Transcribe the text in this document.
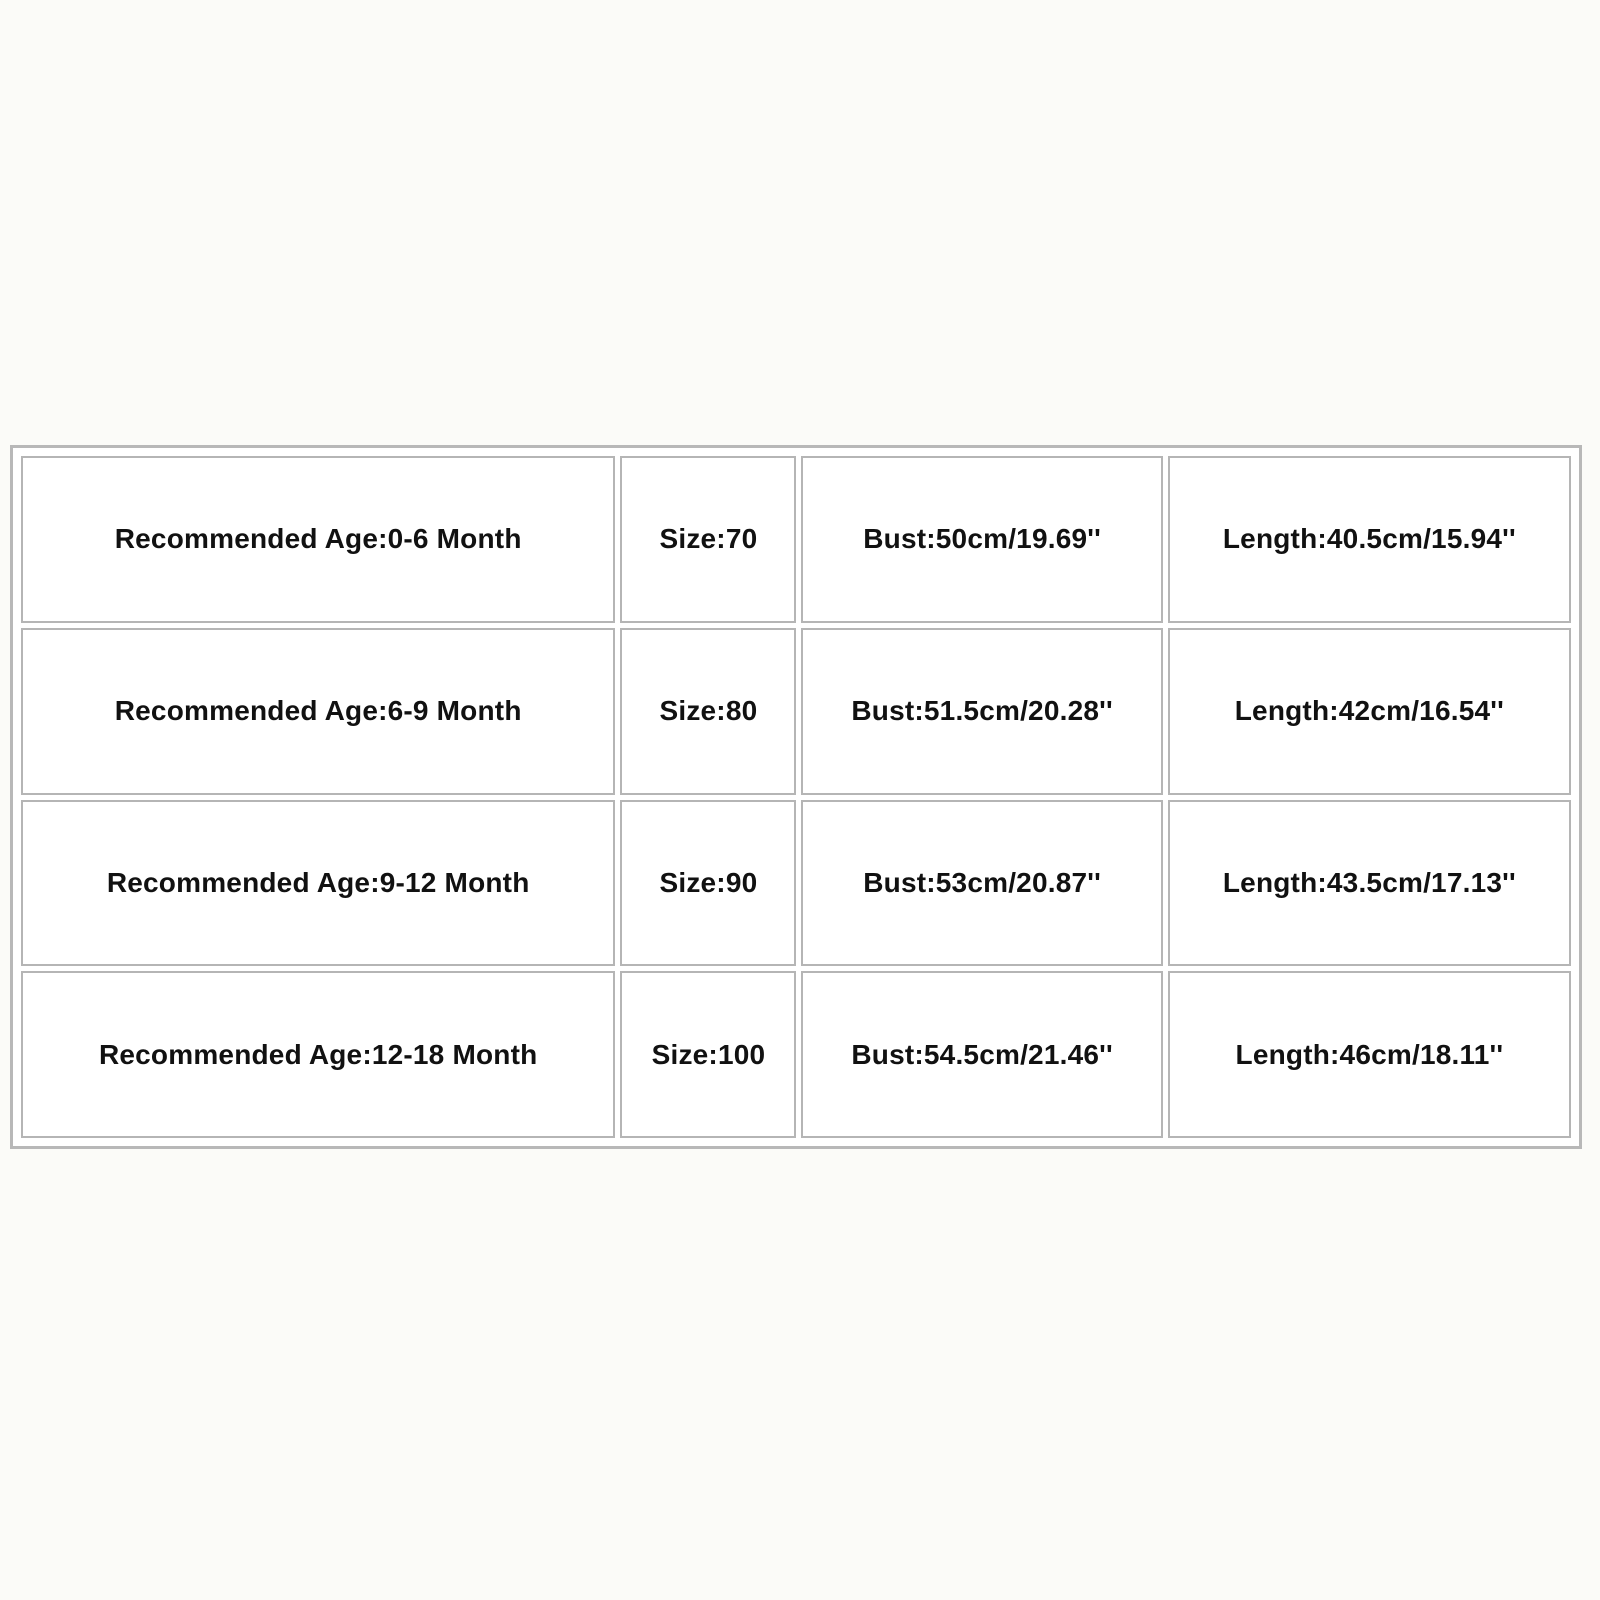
Recommended Age:0-6 Month	Size:70	Bust:50cm/19.69''	Length:40.5cm/15.94''
Recommended Age:6-9 Month	Size:80	Bust:51.5cm/20.28''	Length:42cm/16.54''
Recommended Age:9-12 Month	Size:90	Bust:53cm/20.87''	Length:43.5cm/17.13''
Recommended Age:12-18 Month	Size:100	Bust:54.5cm/21.46''	Length:46cm/18.11''
